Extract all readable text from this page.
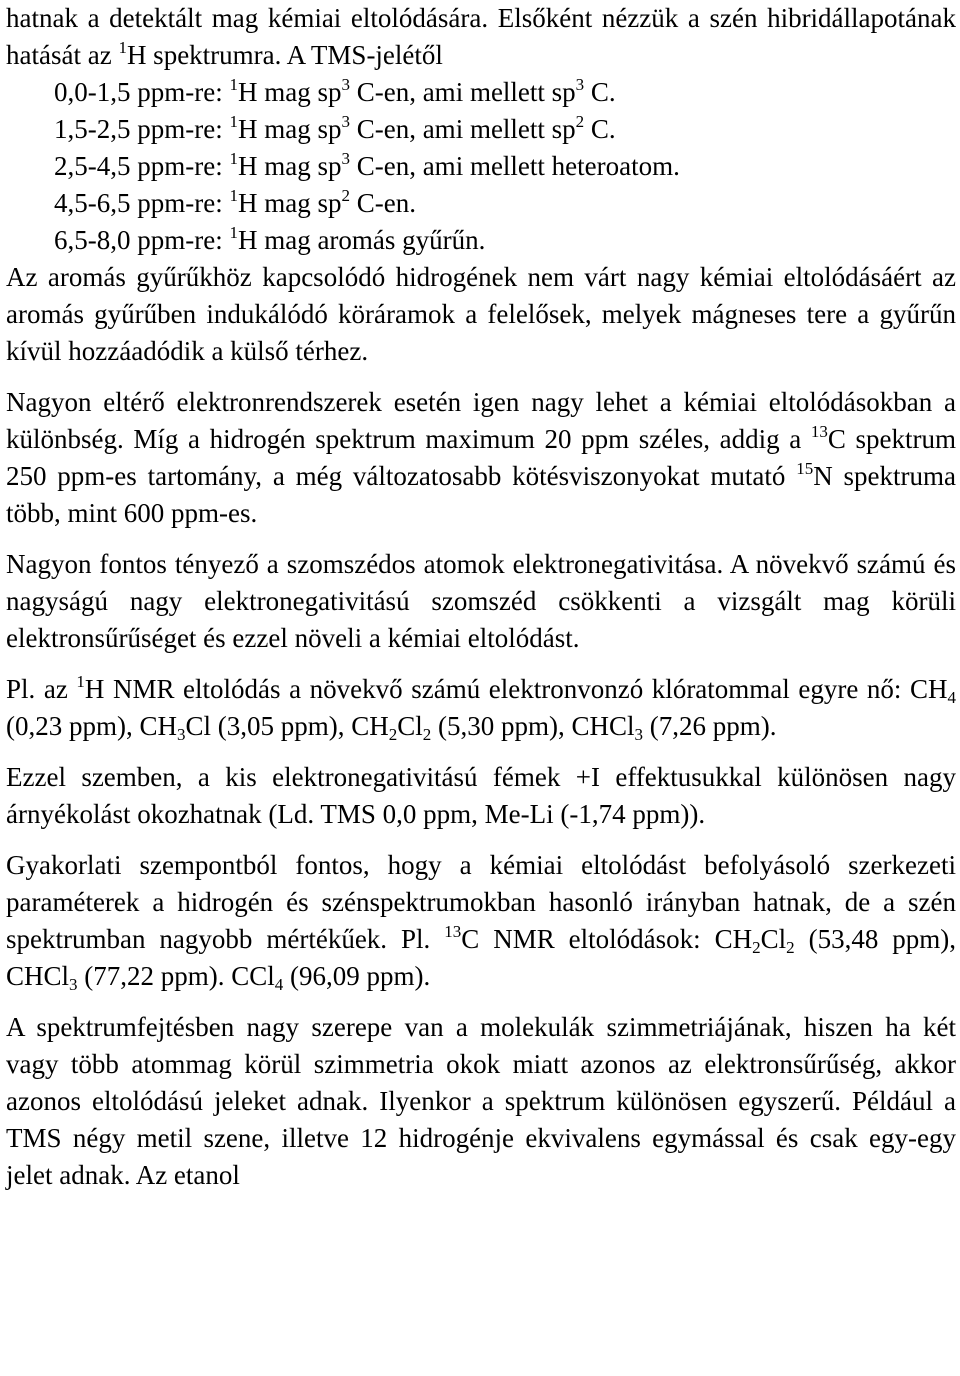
hatnak a detektált mag kémiai eltolódására. Elsőként nézzük a szén hibridállapotának hatását az $^1$H spektrumra. A TMS-jelétől

0,0-1,5 ppm-re: $^1$H mag $sp^3$ C-en, ami mellett $sp^3$ C.
1,5-2,5 ppm-re: $^1$H mag $sp^3$ C-en, ami mellett $sp^2$ C.
2,5-4,5 ppm-re: $^1$H mag $sp^3$ C-en, ami mellett heteroatom.
4,5-6,5 ppm-re: $^1$H mag $sp^2$ C-en.
6,5-8,0 ppm-re: $^1$H mag aromás gyűrűn.

Az aromás gyűrűkhöz kapcsolódó hidrogének nem várt nagy kémiai eltolódásáért az aromás gyűrűben indukálódó köráramok a felelősek, melyek mágneses tere a gyűrűn kívül hozzáadódik a külső térhez.

Nagyon eltérő elektronrendszerek esetén igen nagy lehet a kémiai eltolódásokban a különbség. Míg a hidrogén spektrum maximum 20 ppm széles, addig a $^{13}$C spektrum 250 ppm-es tartomány, a még változatosabb kötésviszonyokat mutató $^{15}$N spektruma több, mint 600 ppm-es.

Nagyon fontos tényező a szomszédos atomok elektronegativitása. A növekvő számú és nagyságú nagy elektronegativitású szomszéd csökkenti a vizsgált mag körüli elektronsűrűséget és ezzel növeli a kémiai eltolódást.

Pl. az $^1$H NMR eltolódás a növekvő számú elektronvonzó klóratommal egyre nő: $CH_4$ (0,23 ppm), $CH_3Cl$ (3,05 ppm), $CH_2Cl_2$ (5,30 ppm), CHCl$_3$ (7,26 ppm).

Ezzel szemben, a kis elektronegativitású fémek +I effektusukkal különösen nagy árnyékolást okozhatnak (Ld. TMS 0,0 ppm, Me-Li (-1,74 ppm)).

Gyakorlati szempontból fontos, hogy a kémiai eltolódást befolyásoló szerkezeti paraméterek a hidrogén és szénspektrumokban hasonló irányban hatnak, de a szén spektrumban nagyobb mértékűek. Pl. $^{13}$C NMR eltolódások: $CH_2Cl_2$ (53,48 ppm), CHCl$_3$ (77,22 ppm). CCl$_4$ (96,09 ppm).

A spektrumfejtésben nagy szerepe van a molekulák szimmetriájának, hiszen ha két vagy több atommag körül szimmetria okok miatt azonos az elektronsűrűség, akkor azonos eltolódású jeleket adnak. Ilyenkor a spektrum különösen egyszerű. Például a TMS négy metil szene, illetve 12 hidrogénje ekvivalens egymással és csak egy-egy jelet adnak. Az etanol
